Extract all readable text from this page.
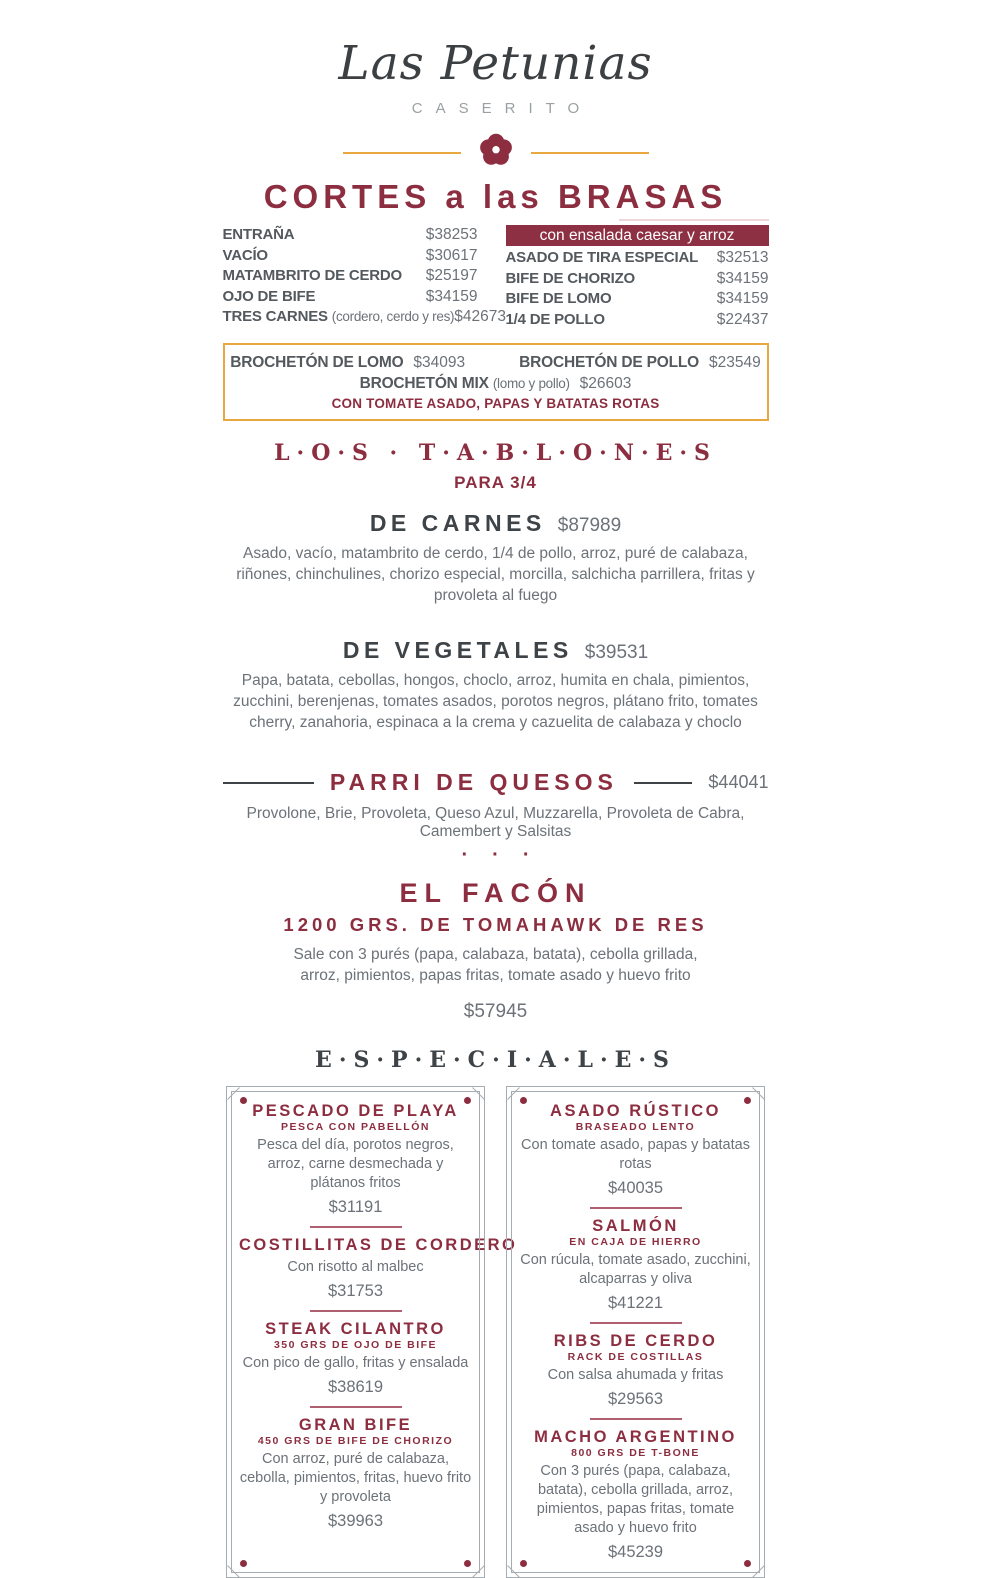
Las Petunias
CASERITO
CORTES a las BRASAS
ENTRAÑA	$38253
VACÍO	$30617
MATAMBRITO DE CERDO $25197
OJO DE BIFE	$34159
TRES CARNES (cordero, cerdo y res) $42673
con ensalada caesar y arroz
ASADO DE TIRA ESPECIAL $32513
BIFE DE CHORIZO	$34159
BIFE DE LOMO	$34159
1/4 DE POLLO	$22437
BROCHETÓN DE LOMO $34093	BROCHETÓN DE POLLO $23549
BROCHETÓN MIX (lomo y pollo) $26603
CON TOMATE ASADO, PAPAS Y BATATAS ROTAS
L·O·S · T·A·B·L·O·N·E·S
PARA 3/4
DE CARNES $87989
Asado, vacío, matambrito de cerdo, 1/4 de pollo, arroz, puré de calabaza, riñones, chinchulines, chorizo especial, morcilla, salchicha parrillera, fritas y provoleta al fuego
DE VEGETALES $39531
Papa, batata, cebollas, hongos, choclo, arroz, humita en chala, pimientos, zucchini, berenjenas, tomates asados, porotos negros, plátano frito, tomates cherry, zanahoria, espinaca a la crema y cazuelita de calabaza y choclo
PARRI DE QUESOS	$44041
Provolone, Brie, Provoleta, Queso Azul, Muzzarella, Provoleta de Cabra, Camembert y Salsitas
···
EL FACÓN
1200 GRS. DE TOMAHAWK DE RES
Sale con 3 purés (papa, calabaza, batata), cebolla grillada, arroz, pimientos, papas fritas, tomate asado y huevo frito
$57945
E·S·P·E·C·I·A·L·E·S
PESCADO DE PLAYA
PESCA CON PABELLÓN
Pesca del día, porotos negros, arroz, carne desmechada y plátanos fritos
$31191
COSTILLITAS DE CORDERO
Con risotto al malbec
$31753
STEAK CILANTRO
350 GRS DE OJO DE BIFE
Con pico de gallo, fritas y ensalada
$38619
GRAN BIFE
450 GRS DE BIFE DE CHORIZO
Con arroz, puré de calabaza, cebolla, pimientos, fritas, huevo frito y provoleta
$39963
ASADO RÚSTICO
BRASEADO LENTO
Con tomate asado, papas y batatas rotas
$40035
SALMÓN
EN CAJA DE HIERRO
Con rúcula, tomate asado, zucchini, alcaparras y oliva
$41221
RIBS DE CERDO
RACK DE COSTILLAS
Con salsa ahumada y fritas
$29563
MACHO ARGENTINO
800 GRS DE T-BONE
Con 3 purés (papa, calabaza, batata), cebolla grillada, arroz, pimientos, papas fritas, tomate asado y huevo frito
$45239
